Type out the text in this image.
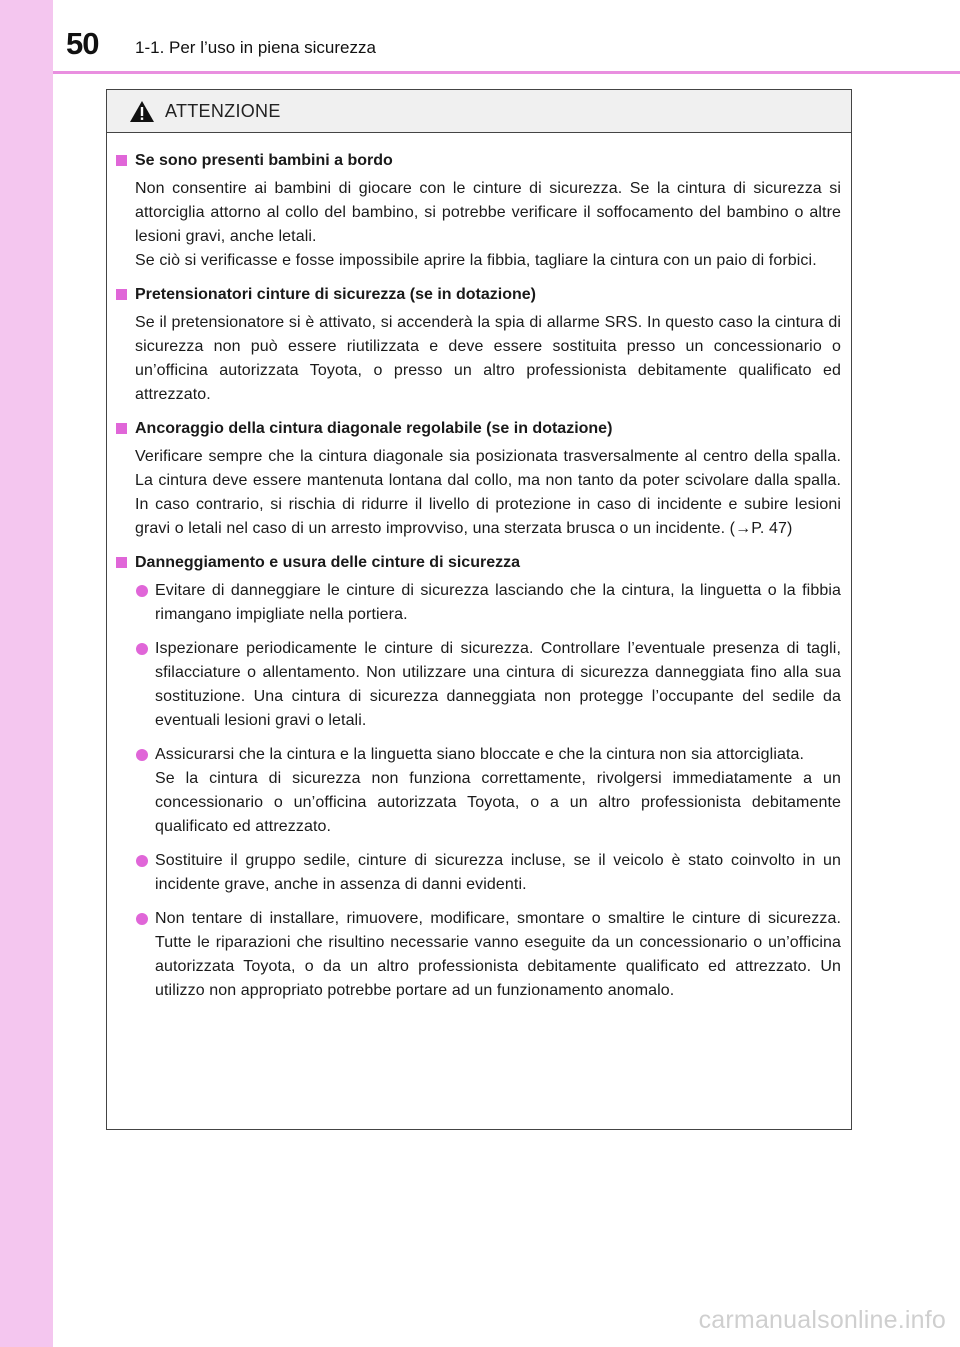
50 1-1. Per l’uso in piena sicurezza
ATTENZIONE
Se sono presenti bambini a bordo
Non consentire ai bambini di giocare con le cinture di sicurezza. Se la cintura di sicurezza si attorciglia attorno al collo del bambino, si potrebbe verificare il soffocamento del bambino o altre lesioni gravi, anche letali.
Se ciò si verificasse e fosse impossibile aprire la fibbia, tagliare la cintura con un paio di forbici.
Pretensionatori cinture di sicurezza (se in dotazione)
Se il pretensionatore si è attivato, si accenderà la spia di allarme SRS. In questo caso la cintura di sicurezza non può essere riutilizzata e deve essere sostituita presso un concessionario o un’officina autorizzata Toyota, o presso un altro professionista debitamente qualificato ed attrezzato.
Ancoraggio della cintura diagonale regolabile (se in dotazione)
Verificare sempre che la cintura diagonale sia posizionata trasversalmente al centro della spalla. La cintura deve essere mantenuta lontana dal collo, ma non tanto da poter scivolare dalla spalla. In caso contrario, si rischia di ridurre il livello di protezione in caso di incidente e subire lesioni gravi o letali nel caso di un arresto improvviso, una sterzata brusca o un incidente. (→P. 47)
Danneggiamento e usura delle cinture di sicurezza
Evitare di danneggiare le cinture di sicurezza lasciando che la cintura, la linguetta o la fibbia rimangano impigliate nella portiera.
Ispezionare periodicamente le cinture di sicurezza. Controllare l’eventuale presenza di tagli, sfilacciature o allentamento. Non utilizzare una cintura di sicurezza danneggiata fino alla sua sostituzione. Una cintura di sicurezza danneggiata non protegge l’occupante del sedile da eventuali lesioni gravi o letali.
Assicurarsi che la cintura e la linguetta siano bloccate e che la cintura non sia attorcigliata.
Se la cintura di sicurezza non funziona correttamente, rivolgersi immediatamente a un concessionario o un’officina autorizzata Toyota, o a un altro professionista debitamente qualificato ed attrezzato.
Sostituire il gruppo sedile, cinture di sicurezza incluse, se il veicolo è stato coinvolto in un incidente grave, anche in assenza di danni evidenti.
Non tentare di installare, rimuovere, modificare, smontare o smaltire le cinture di sicurezza. Tutte le riparazioni che risultino necessarie vanno eseguite da un concessionario o un’officina autorizzata Toyota, o da un altro professionista debitamente qualificato ed attrezzato. Un utilizzo non appropriato potrebbe portare ad un funzionamento anomalo.
carmanualsonline.info
